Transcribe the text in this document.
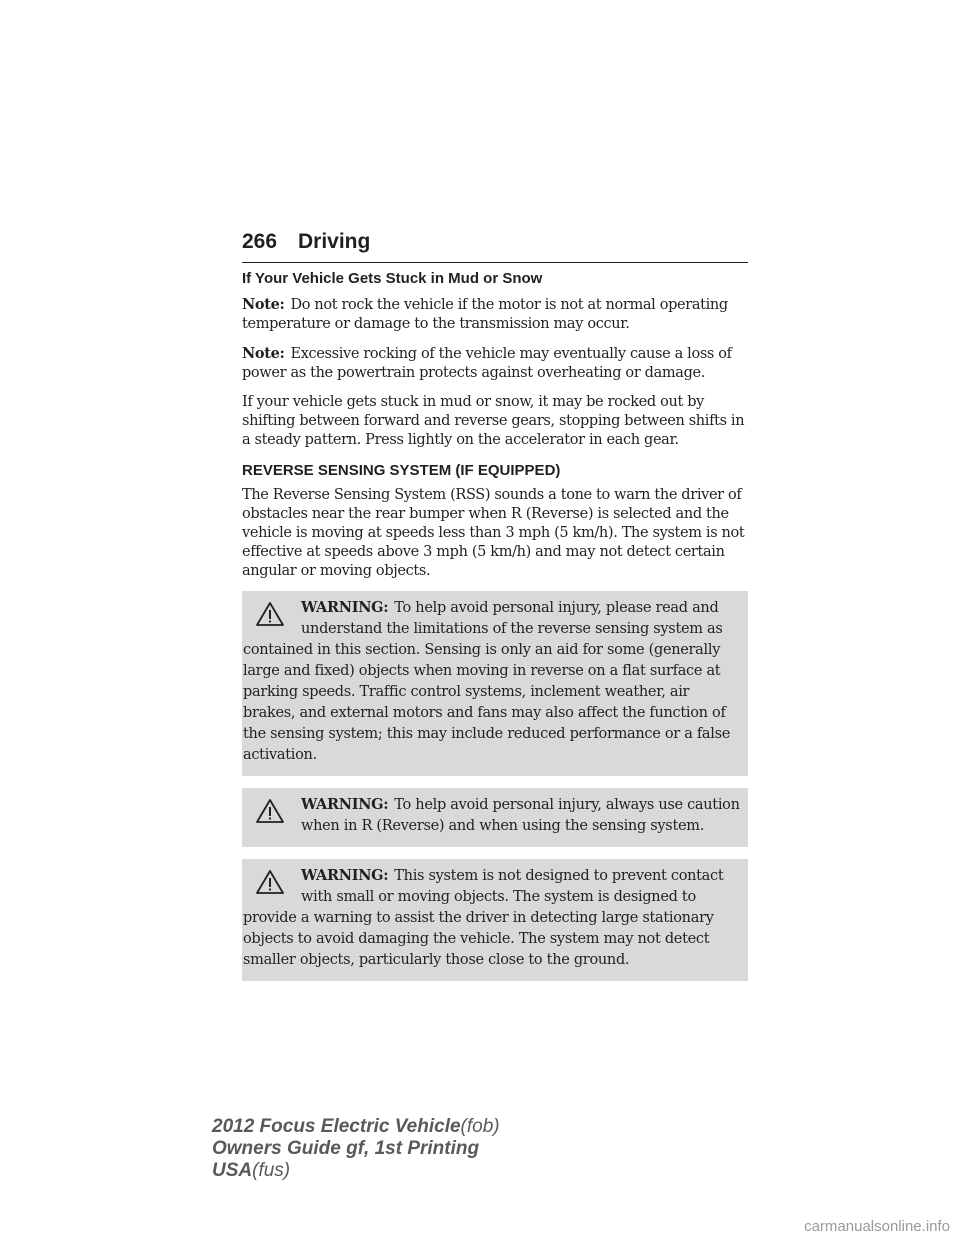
266 Driving
If Your Vehicle Gets Stuck in Mud or Snow

Note: Do not rock the vehicle if the motor is not at normal operating temperature or damage to the transmission may occur.

Note: Excessive rocking of the vehicle may eventually cause a loss of power as the powertrain protects against overheating or damage.

If your vehicle gets stuck in mud or snow, it may be rocked out by shifting between forward and reverse gears, stopping between shifts in a steady pattern. Press lightly on the accelerator in each gear.

REVERSE SENSING SYSTEM (IF EQUIPPED)

The Reverse Sensing System (RSS) sounds a tone to warn the driver of obstacles near the rear bumper when R (Reverse) is selected and the vehicle is moving at speeds less than 3 mph (5 km/h). The system is not effective at speeds above 3 mph (5 km/h) and may not detect certain angular or moving objects.

WARNING: To help avoid personal injury, please read and understand the limitations of the reverse sensing system as contained in this section. Sensing is only an aid for some (generally large and fixed) objects when moving in reverse on a flat surface at parking speeds. Traffic control systems, inclement weather, air brakes, and external motors and fans may also affect the function of the sensing system; this may include reduced performance or a false activation.

WARNING: To help avoid personal injury, always use caution when in R (Reverse) and when using the sensing system.

WARNING: This system is not designed to prevent contact with small or moving objects. The system is designed to provide a warning to assist the driver in detecting large stationary objects to avoid damaging the vehicle. The system may not detect smaller objects, particularly those close to the ground.

2012 Focus Electric Vehicle(fob)
Owners Guide gf, 1st Printing
USA(fus)
carmanualsonline.info
